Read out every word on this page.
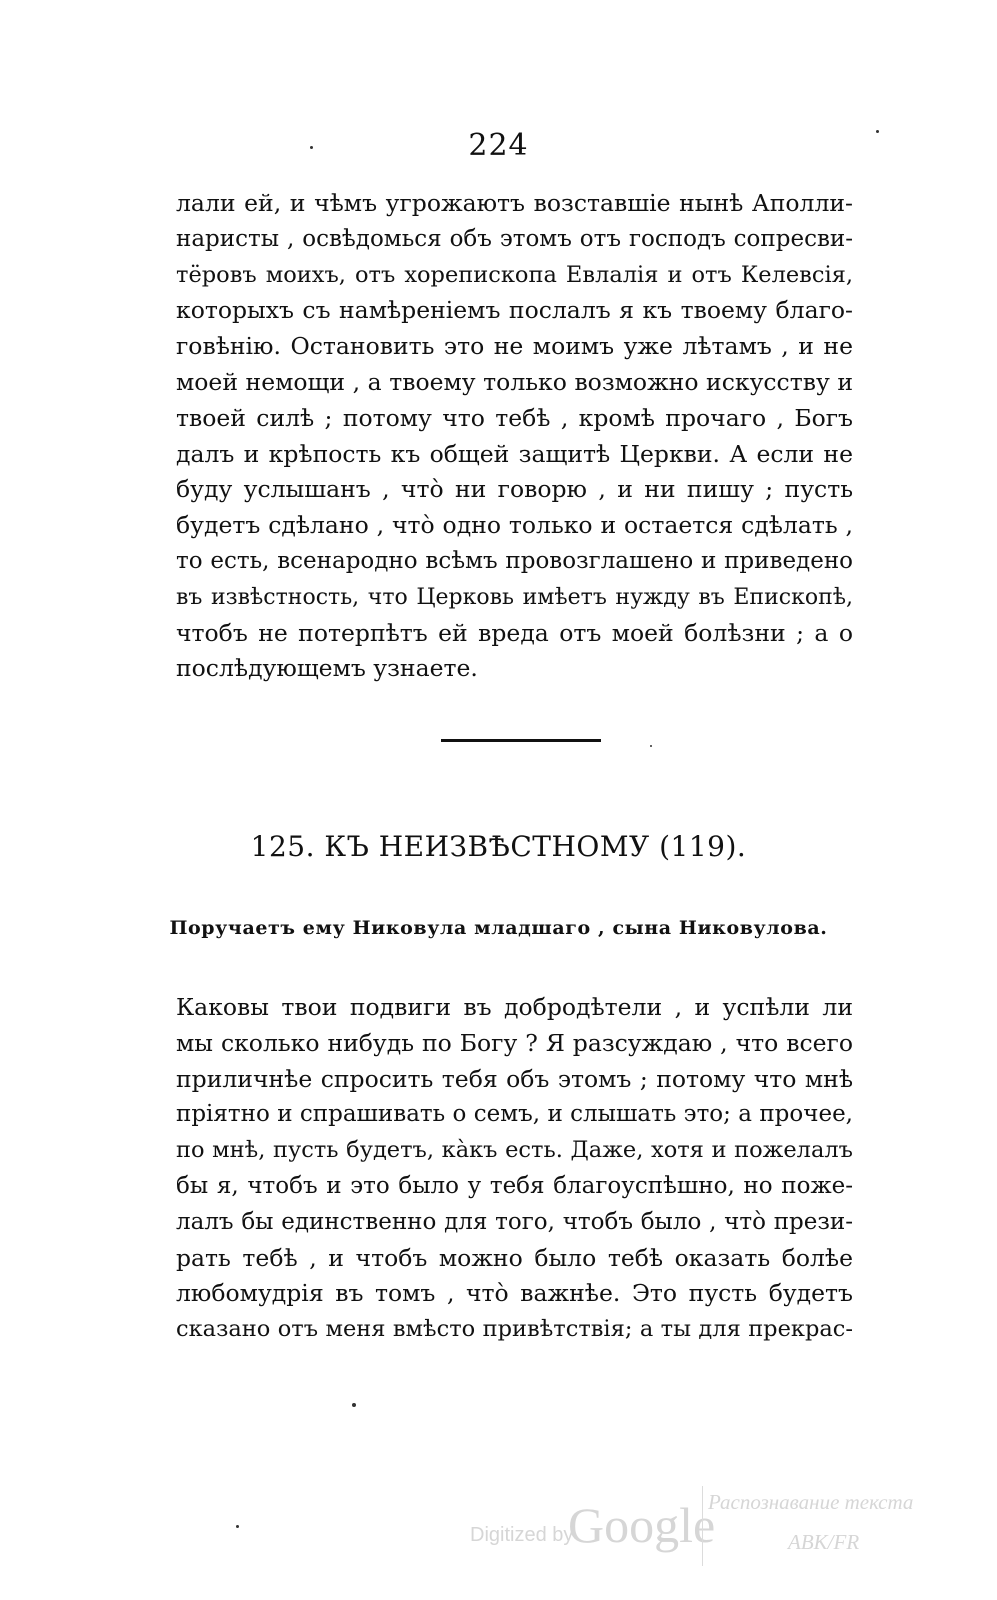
224
лали ей, и чѣмъ угрожаютъ возставшіе нынѣ Аполли-
наристы , освѣдомься объ этомъ отъ господъ сопресви-
тёровъ моихъ, отъ хорепископа Евлалія и отъ Келевсія,
которыхъ съ намѣреніемъ послалъ я къ твоему благо-
говѣнію. Остановить это не моимъ уже лѣтамъ , и не
моей немощи , а твоему только возможно искусству и
твоей силѣ ; потому что тебѣ , кромѣ прочаго , Богъ
далъ и крѣпость къ общей защитѣ Церкви. А если не
буду услышанъ , что̀ ни говорю , и ни пишу ; пусть
будетъ сдѣлано , что̀ одно только и остается сдѣлать ,
то есть, всенародно всѣмъ провозглашено и приведено
въ извѣстность, что Церковь имѣетъ нужду въ Епископѣ,
чтобъ не потерпѣтъ ей вреда отъ моей болѣзни ; а о
послѣдующемъ узнаете.
125. КЪ НЕИЗВѢСТНОМУ (119).
Поручаетъ ему Никовула младшаго , сына Никовулова.
Каковы твои подвиги въ добродѣтели , и успѣли ли
мы сколько нибудь по Богу ? Я разсуждаю , что всего
приличнѣе спросить тебя объ этомъ ; потому что мнѣ
пріятно и спрашивать о семъ, и слышать это; а прочее,
по мнѣ, пусть будетъ, ка̀къ есть. Даже, хотя и пожелалъ
бы я, чтобъ и это было у тебя благоуспѣшно, но поже-
лалъ бы единственно для того, чтобъ было , что̀ прези-
рать тебѣ , и чтобъ можно было тебѣ оказать болѣе
любомудрія въ томъ , что̀ важнѣе. Это пусть будетъ
сказано отъ меня вмѣсто привѣтствія; а ты для прекрас-
Digitized by
Google
Распознавание текста
ABK/FR
